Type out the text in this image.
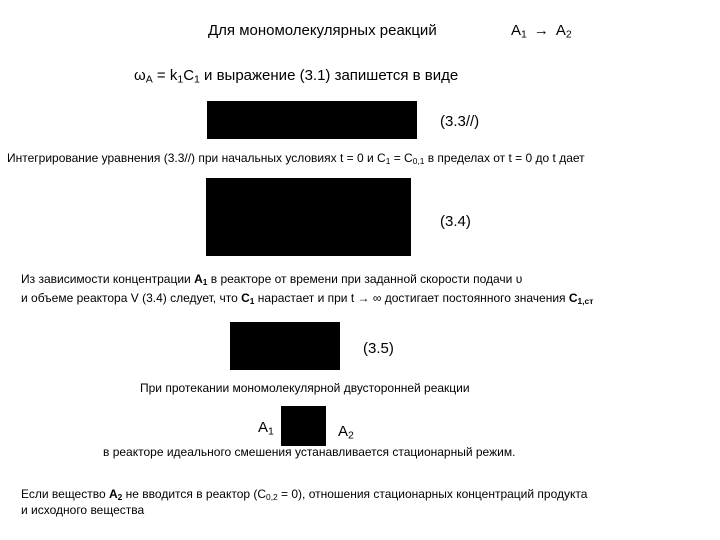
Для мономолекулярных реакций	$A_1 \to A_2$
$\omega_A = k_1C_1$ и выражение (3.1) запишется в виде
(3.3//)
Интегрирование уравнения (3.3//) при начальных условиях t = 0 и $C_1 = C_{0,1}$ в пределах от t = 0 до t дает
(3.4)
Из зависимости концентрации $A_1$ в реакторе от времени при заданной скорости подачи υ
и объеме реактора V (3.4) следует, что $C_1$ нарастает и при t → ∞ достигает постоянного значения $C_{1,ст}$
(3.5)
При протекании мономолекулярной двусторонней реакции
$A_1$	$A_2$
в реакторе идеального смешения устанавливается стационарный режим.
Если вещество $A_2$ не вводится в реактор $(C_{0,2} = 0)$, отношения стационарных концентраций продукта
и исходного вещества
